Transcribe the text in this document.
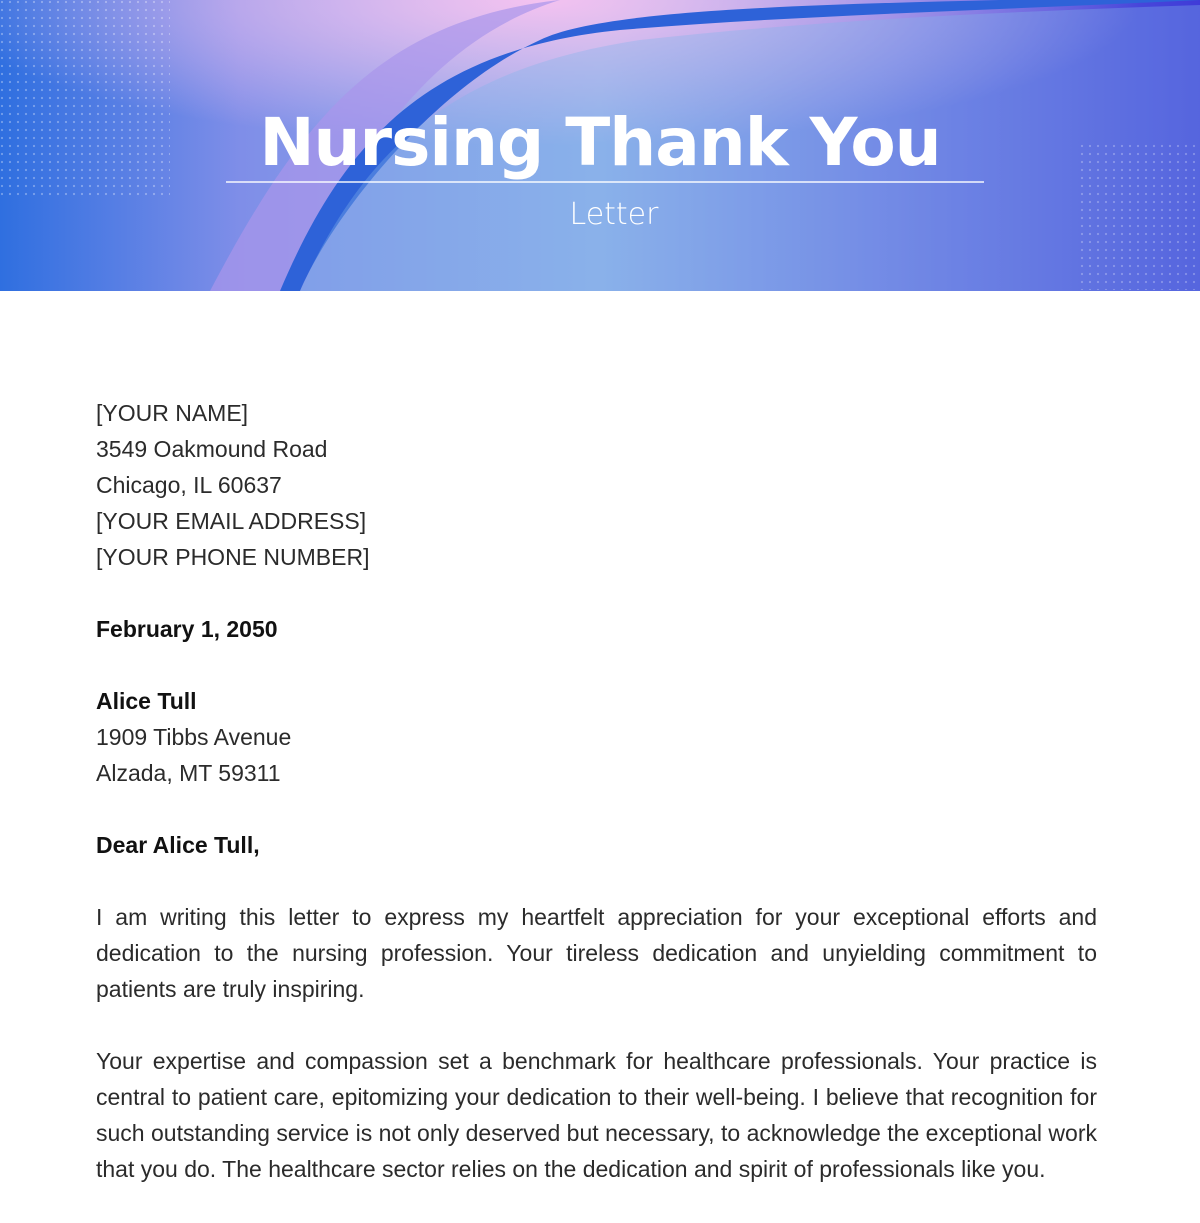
Nursing Thank You
Letter

[YOUR NAME]

3549 Oakmound Road

Chicago, IL 60637

[YOUR EMAIL ADDRESS]

[YOUR PHONE NUMBER]

February 1, 2050

Alice Tull

1909 Tibbs Avenue

Alzada, MT 59311

Dear Alice Tull,

I am writing this letter to express my heartfelt appreciation for your exceptional efforts and dedication to the nursing profession. Your tireless dedication and unyielding commitment to patients are truly inspiring.

Your expertise and compassion set a benchmark for healthcare professionals. Your practice is central to patient care, epitomizing your dedication to their well-being. I believe that recognition for such outstanding service is not only deserved but necessary, to acknowledge the exceptional work that you do. The healthcare sector relies on the dedication and spirit of professionals like you.
